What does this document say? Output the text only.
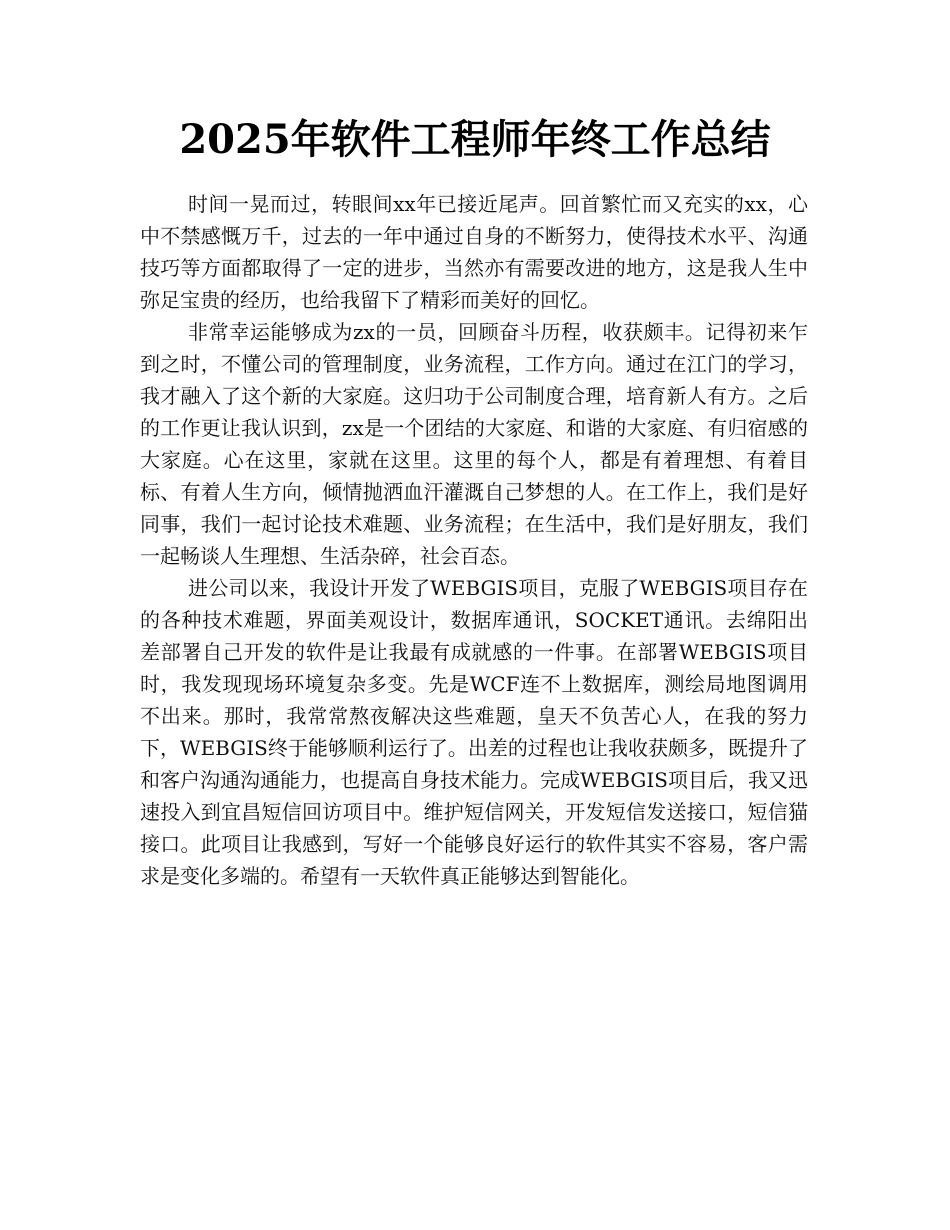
2025年软件工程师年终工作总结

时间一晃而过，转眼间xx年已接近尾声。回首繁忙而又充实的xx，心中不禁感慨万千，过去的一年中通过自身的不断努力，使得技术水平、沟通技巧等方面都取得了一定的进步，当然亦有需要改进的地方，这是我人生中弥足宝贵的经历，也给我留下了精彩而美好的回忆。

非常幸运能够成为zx的一员，回顾奋斗历程，收获颇丰。记得初来乍到之时，不懂公司的管理制度，业务流程，工作方向。通过在江门的学习，我才融入了这个新的大家庭。这归功于公司制度合理，培育新人有方。之后的工作更让我认识到，zx是一个团结的大家庭、和谐的大家庭、有归宿感的大家庭。心在这里，家就在这里。这里的每个人，都是有着理想、有着目标、有着人生方向，倾情抛洒血汗灌溉自己梦想的人。在工作上，我们是好同事，我们一起讨论技术难题、业务流程；在生活中，我们是好朋友，我们一起畅谈人生理想、生活杂碎，社会百态。

进公司以来，我设计开发了WEBGIS项目，克服了WEBGIS项目存在的各种技术难题，界面美观设计，数据库通讯，SOCKET通讯。去绵阳出差部署自己开发的软件是让我最有成就感的一件事。在部署WEBGIS项目时，我发现现场环境复杂多变。先是WCF连不上数据库，测绘局地图调用不出来。那时，我常常熬夜解决这些难题，皇天不负苦心人，在我的努力下，WEBGIS终于能够顺利运行了。出差的过程也让我收获颇多，既提升了和客户沟通沟通能力，也提高自身技术能力。完成WEBGIS项目后，我又迅速投入到宜昌短信回访项目中。维护短信网关，开发短信发送接口，短信猫接口。此项目让我感到，写好一个能够良好运行的软件其实不容易，客户需求是变化多端的。希望有一天软件真正能够达到智能化。
